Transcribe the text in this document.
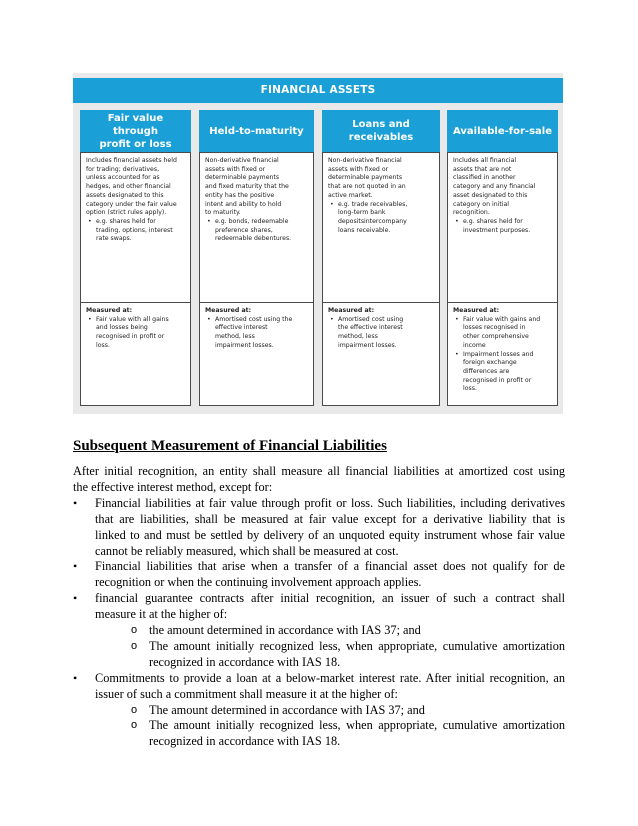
FINANCIAL ASSETS
Fair value through
profit or loss
Includes financial assets held
for trading; derivatives,
unless accounted for as
hedges, and other financial
assets designated to this
category under the fair value
option (strict rules apply).
• e.g. shares held for
trading, options, interest
rate swaps.
Measured at:
• Fair value with all gains
and losses being
recognised in profit or
loss.
Held-to-maturity
Non-derivative financial
assets with fixed or
determinable payments
and fixed maturity that the
entity has the positive
intent and ability to hold
to maturity.
• e.g. bonds, redeemable
preference shares,
redeemable debentures.
Measured at:
• Amortised cost using the
effective interest
method, less
impairment losses.
Loans and
receivables
Non-derivative financial
assets with fixed or
determinable payments
that are not quoted in an
active market.
• e.g. trade receivables,
long-term bank
depositsintercompany
loans receivable.
Measured at:
• Amortised cost using
the effective interest
method, less
impairment losses.
Available-for-sale
Includes all financial
assets that are not
classified in another
category and any financial
asset designated to this
category on initial
recognition.
• e.g. shares held for
investment purposes.
Measured at:
• Fair value with gains and
losses recognised in
other comprehensive
income
• Impairment losses and
foreign exchange
differences are
recognised in profit or
loss.
Subsequent Measurement of Financial Liabilities
After initial recognition, an entity shall measure all financial liabilities at amortized cost using
the effective interest method, except for:
• Financial liabilities at fair value through profit or loss. Such liabilities, including derivatives
that are liabilities, shall be measured at fair value except for a derivative liability that is
linked to and must be settled by delivery of an unquoted equity instrument whose fair value
cannot be reliably measured, which shall be measured at cost.
• Financial liabilities that arise when a transfer of a financial asset does not qualify for de
recognition or when the continuing involvement approach applies.
• financial guarantee contracts after initial recognition, an issuer of such a contract shall
measure it at the higher of:
o the amount determined in accordance with IAS 37; and
o The amount initially recognized less, when appropriate, cumulative amortization
recognized in accordance with IAS 18.
• Commitments to provide a loan at a below-market interest rate. After initial recognition, an
issuer of such a commitment shall measure it at the higher of:
o The amount determined in accordance with IAS 37; and
o The amount initially recognized less, when appropriate, cumulative amortization
recognized in accordance with IAS 18.
